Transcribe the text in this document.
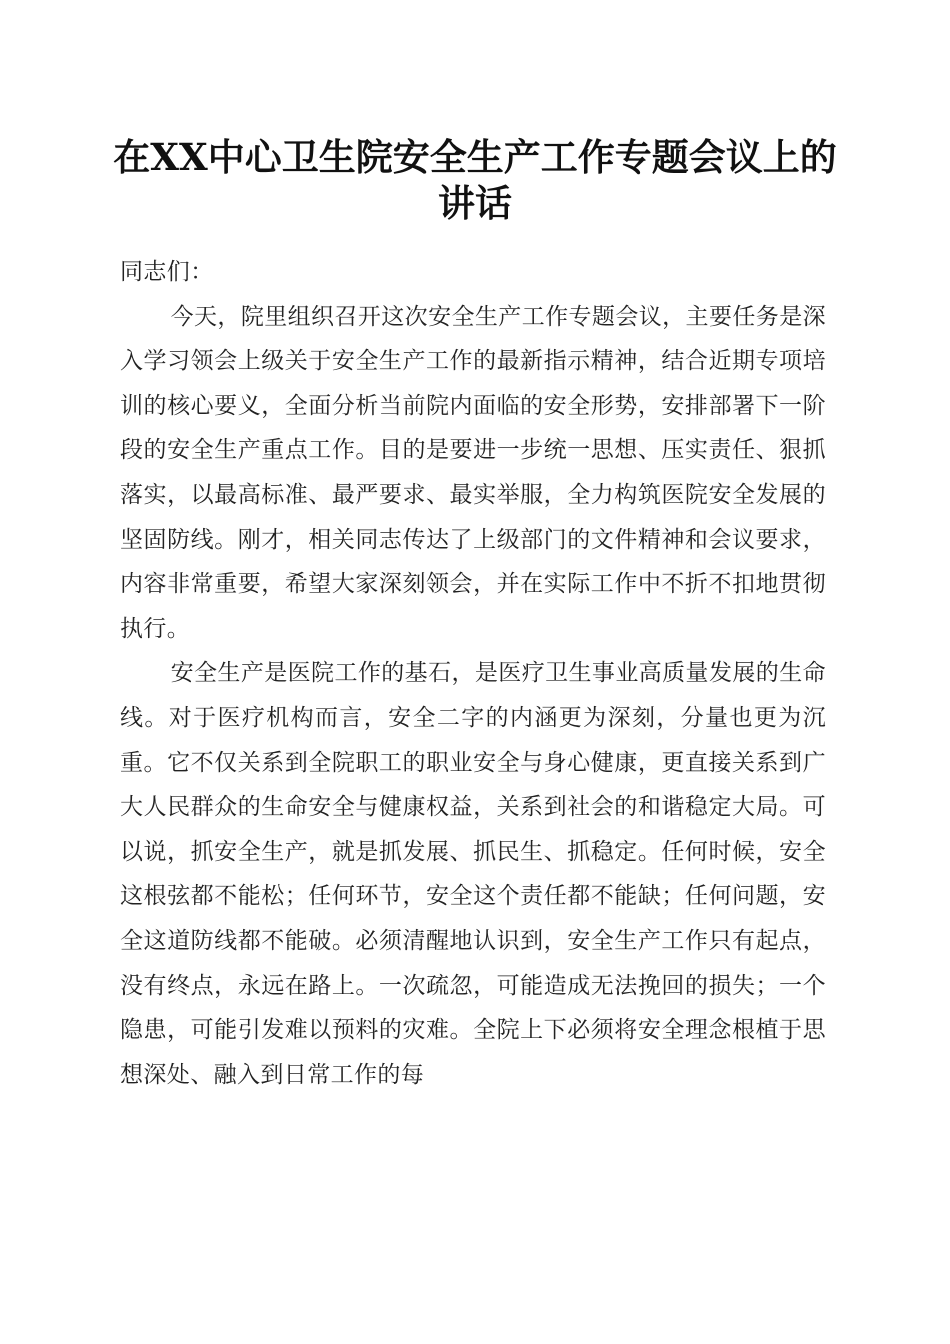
在XX中心卫生院安全生产工作专题会议上的
讲话

同志们：

今天，院里组织召开这次安全生产工作专题会议，主要任务是深入学习领会上级关于安全生产工作的最新指示精神，结合近期专项培训的核心要义，全面分析当前院内面临的安全形势，安排部署下一阶段的安全生产重点工作。目的是要进一步统一思想、压实责任、狠抓落实，以最高标准、最严要求、最实举服，全力构筑医院安全发展的坚固防线。刚才，相关同志传达了上级部门的文件精神和会议要求，内容非常重要，希望大家深刻领会，并在实际工作中不折不扣地贯彻执行。

安全生产是医院工作的基石，是医疗卫生事业高质量发展的生命线。对于医疗机构而言，安全二字的内涵更为深刻，分量也更为沉重。它不仅关系到全院职工的职业安全与身心健康，更直接关系到广大人民群众的生命安全与健康权益，关系到社会的和谐稳定大局。可以说，抓安全生产，就是抓发展、抓民生、抓稳定。任何时候，安全这根弦都不能松；任何环节，安全这个责任都不能缺；任何问题，安全这道防线都不能破。必须清醒地认识到，安全生产工作只有起点，没有终点，永远在路上。一次疏忽，可能造成无法挽回的损失；一个隐患，可能引发难以预料的灾难。全院上下必须将安全理念根植于思想深处、融入到日常工作的每
